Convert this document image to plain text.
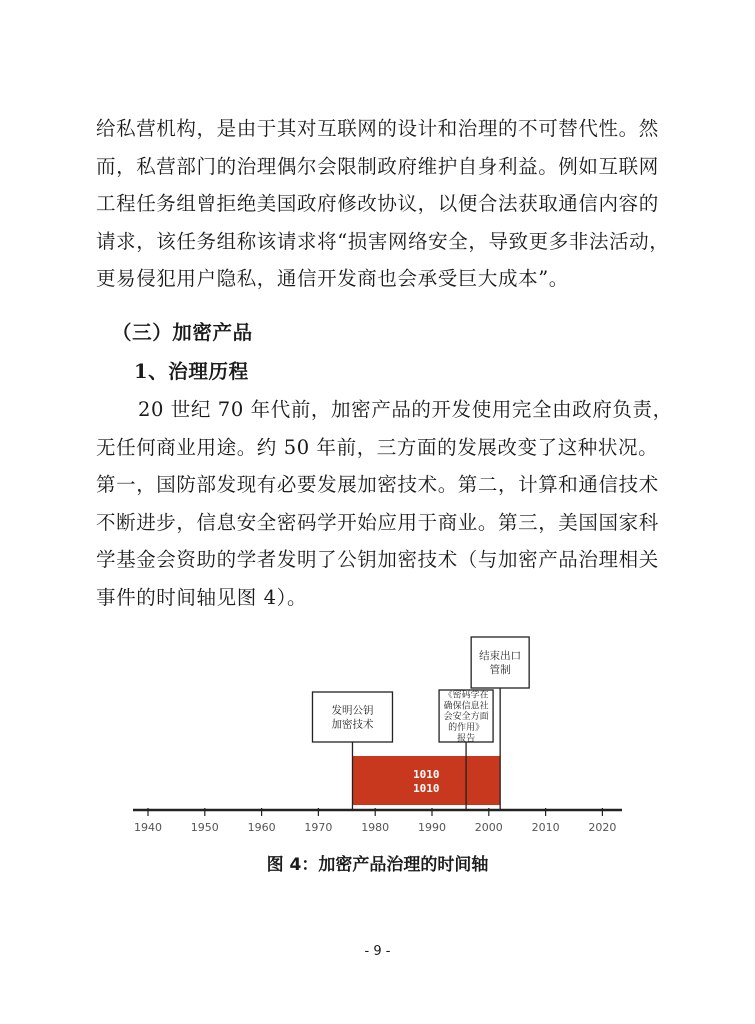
给私营机构，是由于其对互联网的设计和治理的不可替代性。然
而，私营部门的治理偶尔会限制政府维护自身利益。例如互联网
工程任务组曾拒绝美国政府修改协议，以便合法获取通信内容的
请求，该任务组称该请求将“损害网络安全，导致更多非法活动，
更易侵犯用户隐私，通信开发商也会承受巨大成本”。
（三）加密产品
1、治理历程
20 世纪 70 年代前，加密产品的开发使用完全由政府负责，
无任何商业用途。约 50 年前，三方面的发展改变了这种状况。
第一，国防部发现有必要发展加密技术。第二，计算和通信技术
不断进步，信息安全密码学开始应用于商业。第三，美国国家科
学基金会资助的学者发明了公钥加密技术（与加密产品治理相关
事件的时间轴见图 4）。
1010
1010
1940	1950	1960	1970	1980	1990	2000	2010	2020
发明公钥
加密技术
《密码学在
确保信息社
会安全方面
的作用》
报告
结束出口
管制
图 4：加密产品治理的时间轴
- 9 -
